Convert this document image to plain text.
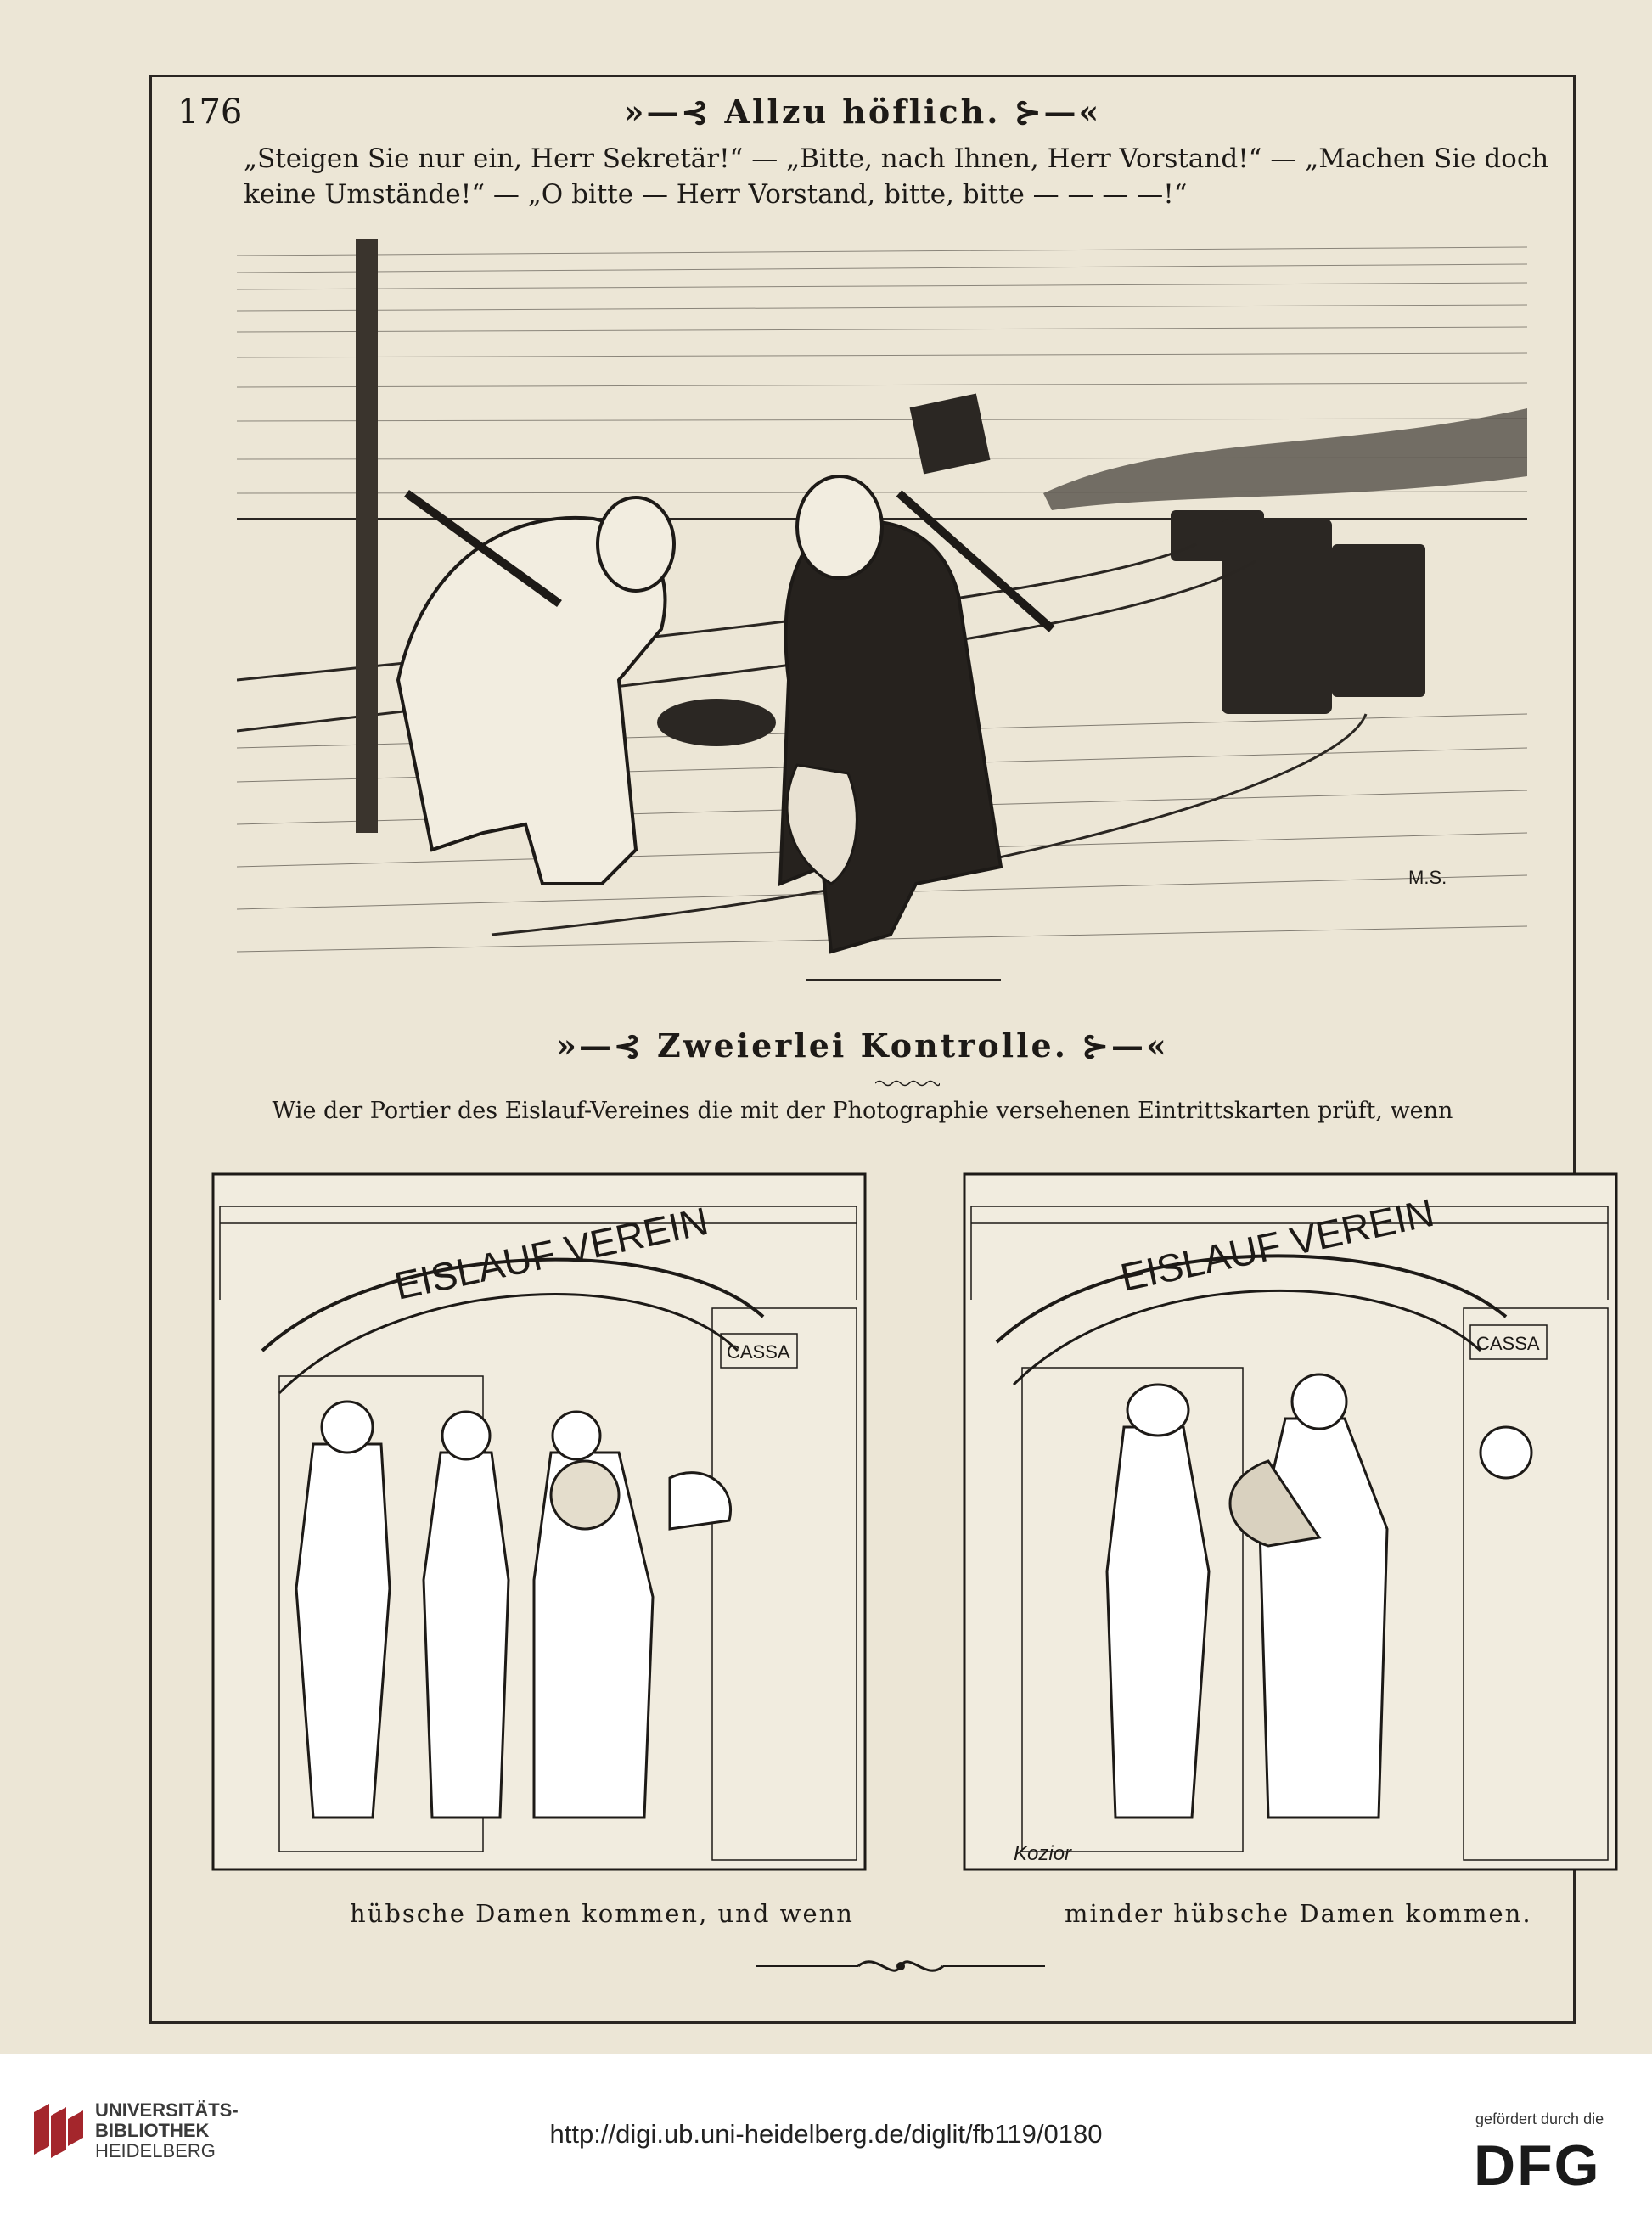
176	»—⊰ Allzu höflich. ⊱—«
„Steigen Sie nur ein, Herr Sekretär!“ — „Bitte, nach Ihnen, Herr Vorstand!“ — „Machen Sie doch
keine Umstände!“ — „O bitte — Herr Vorstand, bitte, bitte — — — —!“
M.S.
»—⊰ Zweierlei Kontrolle. ⊱—«
Wie der Portier des Eislauf-Vereines die mit der Photographie versehenen Eintrittskarten prüft, wenn
EISLAUF VEREIN
CASSA
EISLAUF VEREIN
CASSA
Kozior
hübsche Damen kommen, und wenn	minder hübsche Damen kommen.
UNIVERSITÄTS-
BIBLIOTHEK
HEIDELBERG
http://digi.ub.uni-heidelberg.de/diglit/fb119/0180	gefördert durch die
DFG
